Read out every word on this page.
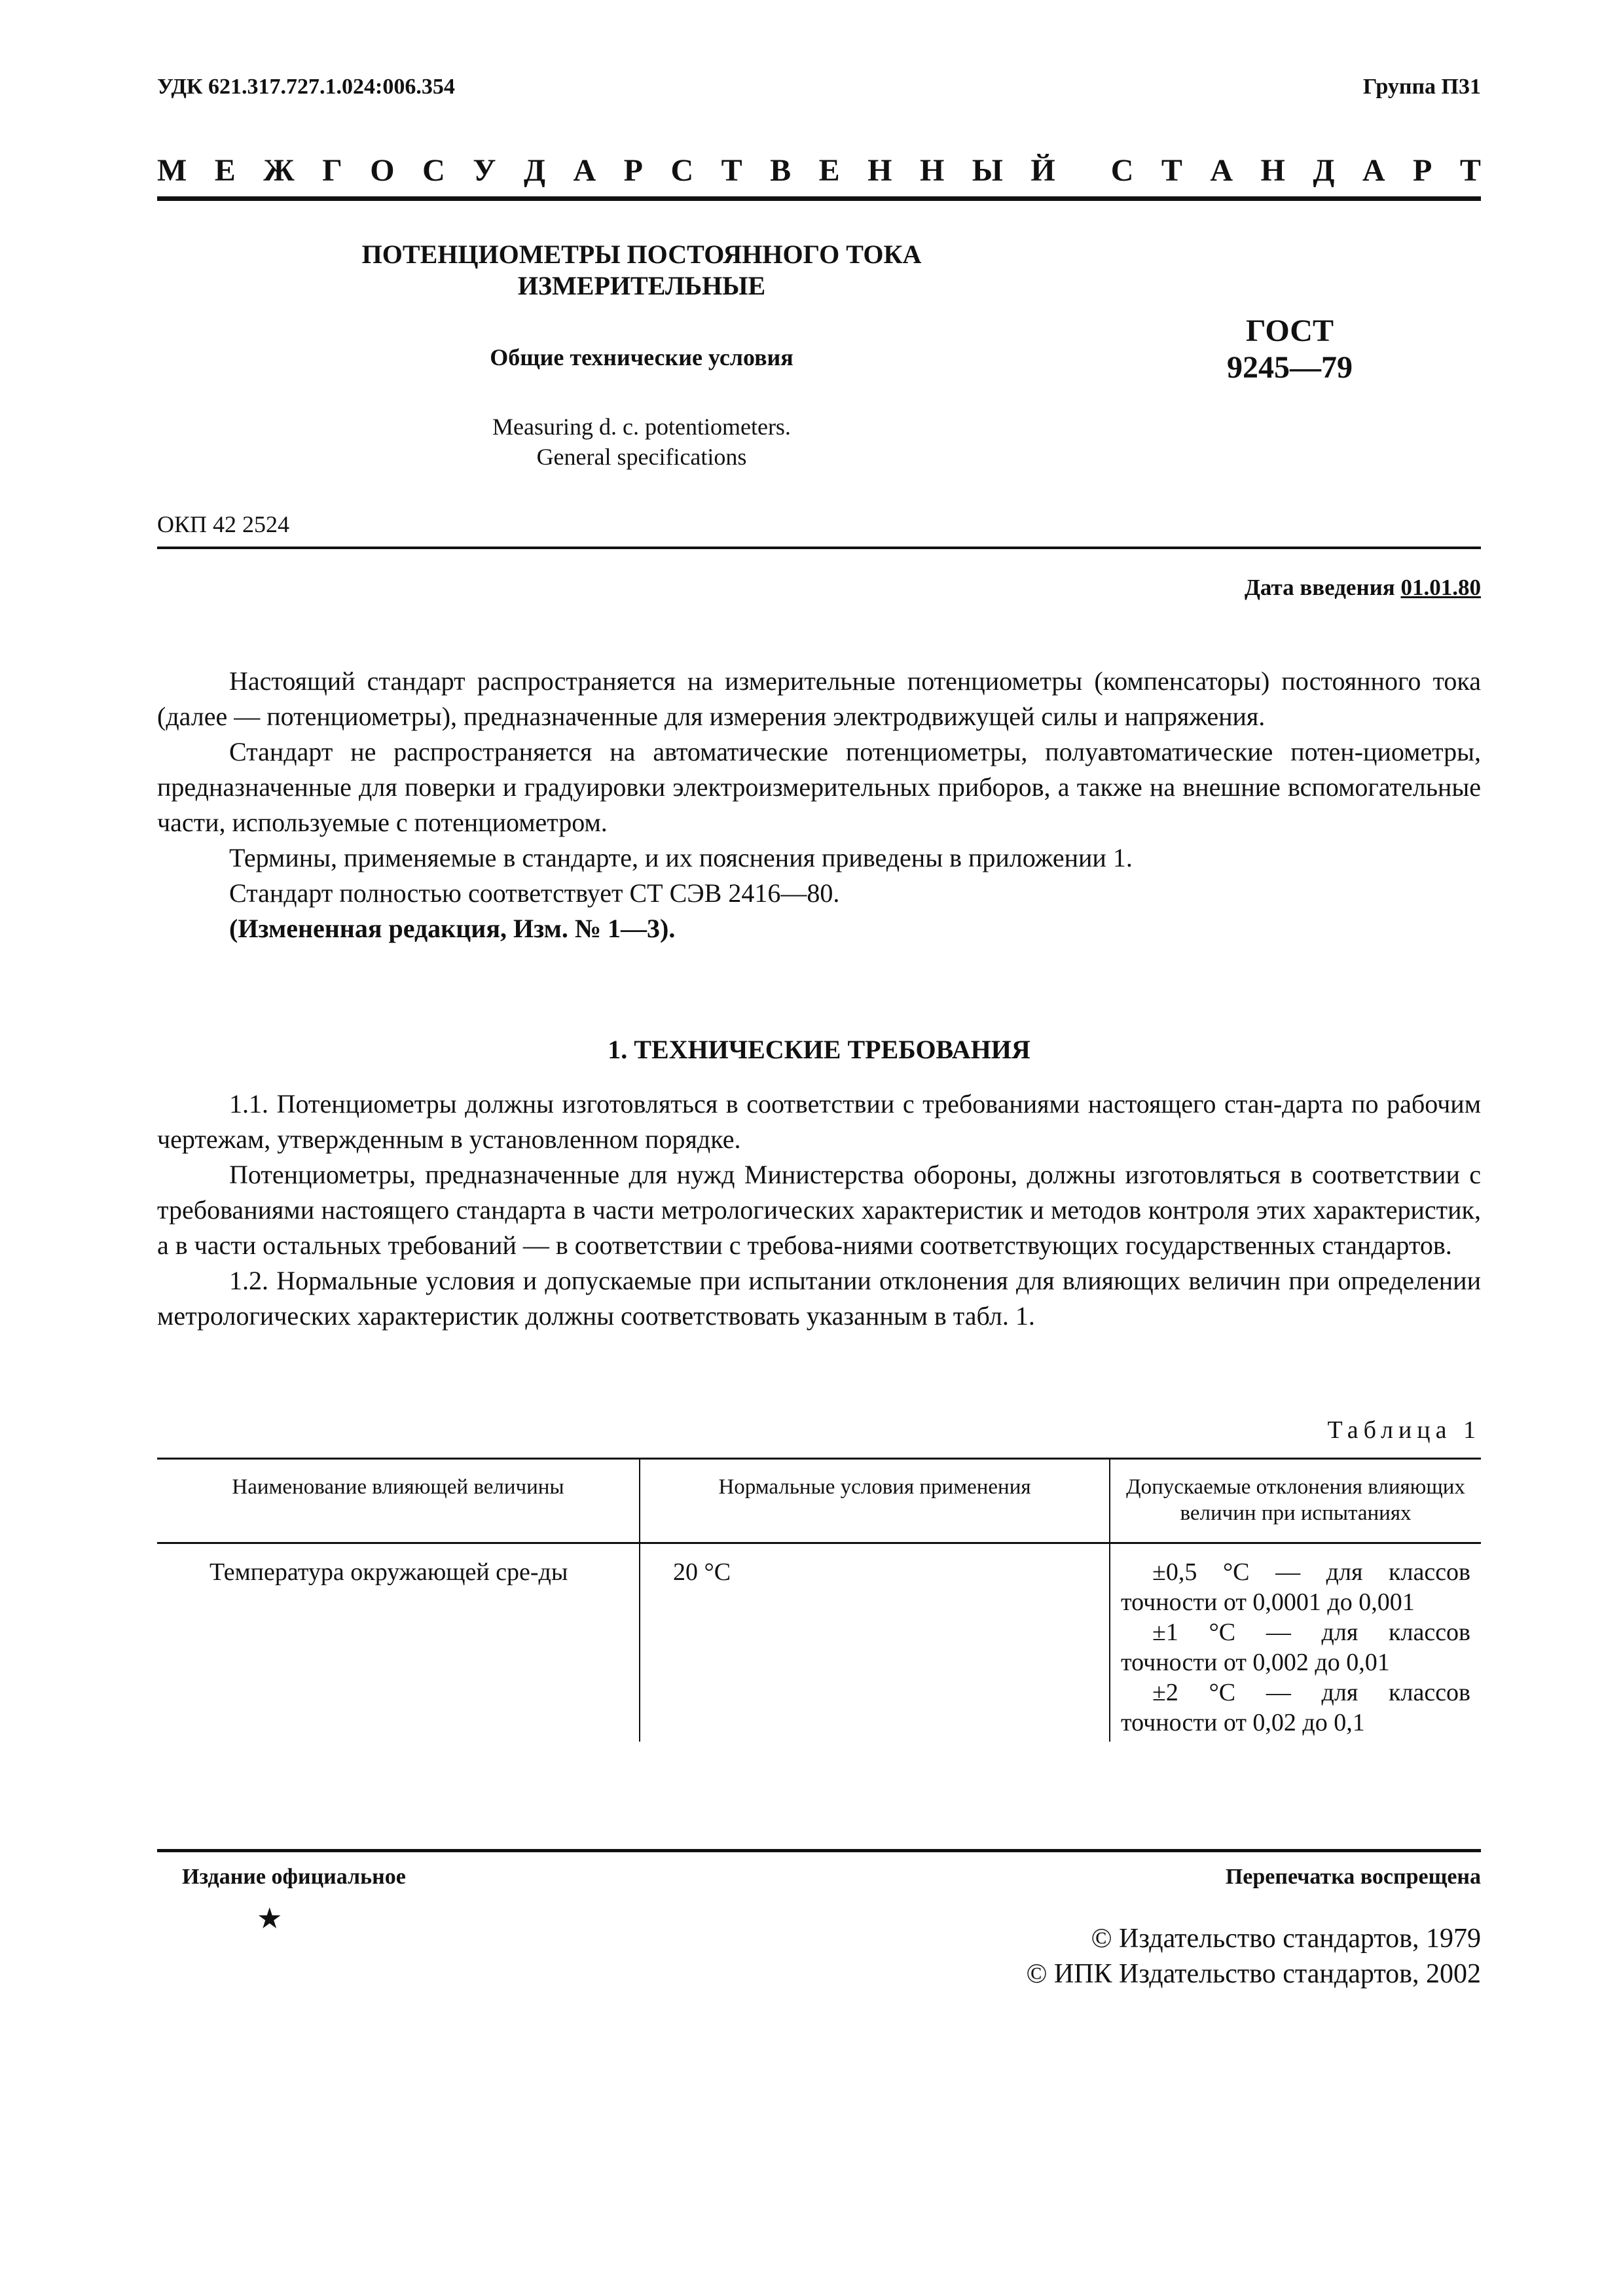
УДК 621.317.727.1.024:006.354	Группа П31
М Е Ж Г О С У Д А Р С Т В Е Н Н Ы Й С Т А Н Д А Р Т
ПОТЕНЦИОМЕТРЫ ПОСТОЯННОГО ТОКА
ИЗМЕРИТЕЛЬНЫЕ
Общие технические условия
Measuring d. c. potentiometers.
General specifications
ГОСТ
9245—79
ОКП 42 2524
Дата введения 01.01.80

Настоящий стандарт распространяется на измерительные потенциометры (компенсаторы) постоянного тока (далее — потенциометры), предназначенные для измерения электродвижущей силы и напряжения.

Стандарт не распространяется на автоматические потенциометры, полуавтоматические потен-циометры, предназначенные для поверки и градуировки электроизмерительных приборов, а также на внешние вспомогательные части, используемые с потенциометром.

Термины, применяемые в стандарте, и их пояснения приведены в приложении 1.

Стандарт полностью соответствует СТ СЭВ 2416—80.

(Измененная редакция, Изм. № 1—3).

1. ТЕХНИЧЕСКИЕ ТРЕБОВАНИЯ

1.1. Потенциометры должны изготовляться в соответствии с требованиями настоящего стан-дарта по рабочим чертежам, утвержденным в установленном порядке.

Потенциометры, предназначенные для нужд Министерства обороны, должны изготовляться в соответствии с требованиями настоящего стандарта в части метрологических характеристик и методов контроля этих характеристик, а в части остальных требований — в соответствии с требова-ниями соответствующих государственных стандартов.

1.2. Нормальные условия и допускаемые при испытании отклонения для влияющих величин при определении метрологических характеристик должны соответствовать указанным в табл. 1.

Таблица 1
Наименование влияющей величины	Нормальные условия применения	Допускаемые отклонения влияющих величин при испытаниях
Температура окружающей сре-ды	20 °С	±0,5 °С — для классов точности от 0,0001 до 0,001

±1 °С — для классов точности от 0,002 до 0,01

±2 °С — для классов точности от 0,02 до 0,1

Издание официальное	Перепечатка воспрещена
★
© Издательство стандартов, 1979
© ИПК Издательство стандартов, 2002
